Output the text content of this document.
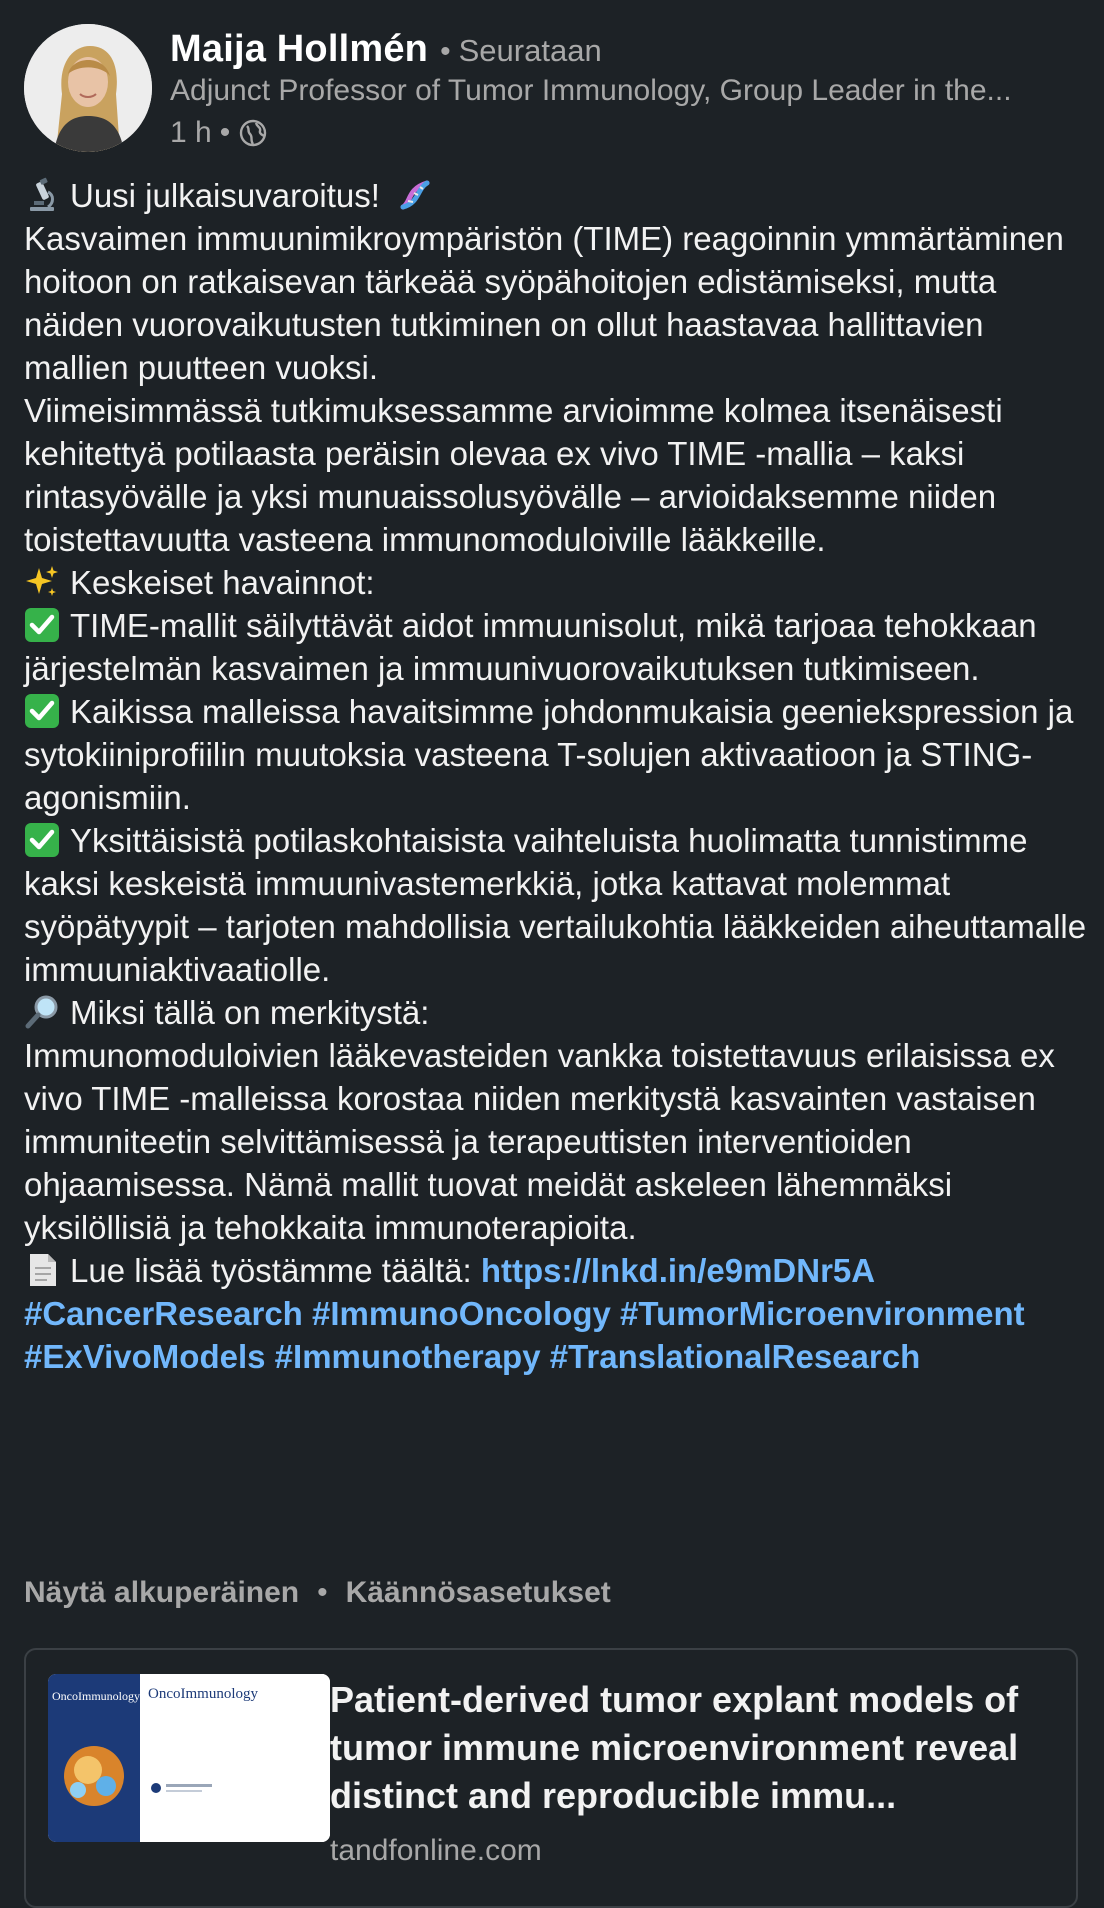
Maija Hollmén • Seurataan
Adjunct Professor of Tumor Immunology, Group Leader in the...
1 h •

Uusi julkaisuvaroitus!

Kasvaimen immuunimikroympäristön (TIME) reagoinnin ymmärtäminen hoitoon on ratkaisevan tärkeää syöpähoitojen edistämiseksi, mutta näiden vuorovaikutusten tutkiminen on ollut haastavaa hallittavien mallien puutteen vuoksi.

Viimeisimmässä tutkimuksessamme arvioimme kolmea itsenäisesti kehitettyä potilaasta peräisin olevaa ex vivo TIME -mallia – kaksi rintasyövälle ja yksi munuaissolusyövälle – arvioidaksemme niiden toistettavuutta vasteena immunomoduloiville lääkkeille.

Keskeiset havainnot:

TIME-mallit säilyttävät aidot immuunisolut, mikä tarjoaa tehokkaan järjestelmän kasvaimen ja immuunivuorovaikutuksen tutkimiseen.

Kaikissa malleissa havaitsimme johdonmukaisia geeniekspression ja sytokiiniprofiilin muutoksia vasteena T-solujen aktivaatioon ja STING-agonismiin.

Yksittäisistä potilaskohtaisista vaihteluista huolimatta tunnistimme kaksi keskeistä immuunivastemerkkiä, jotka kattavat molemmat syöpätyypit – tarjoten mahdollisia vertailukohtia lääkkeiden aiheuttamalle immuuniaktivaatiolle.

Miksi tällä on merkitystä:

Immunomoduloivien lääkevasteiden vankka toistettavuus erilaisissa ex vivo TIME -malleissa korostaa niiden merkitystä kasvainten vastaisen immuniteetin selvittämisessä ja terapeuttisten interventioiden ohjaamisessa. Nämä mallit tuovat meidät askeleen lähemmäksi yksilöllisiä ja tehokkaita immunoterapioita.

Lue lisää työstämme täältä: https://lnkd.in/e9mDNr5A

#CancerResearch #ImmunoOncology #TumorMicroenvironment #ExVivoModels #Immunotherapy #TranslationalResearch

Näytä alkuperäinen • Käännösasetukset
OncoImmunology OncoImmunology Patient-derived tumor explant models of tumor immune microenvironment reveal distinct and reproducible immu...
tandfonline.com
